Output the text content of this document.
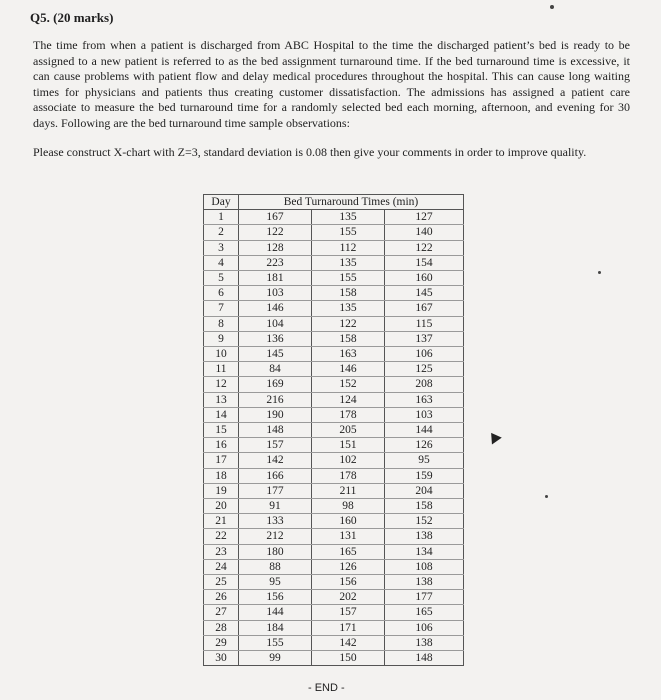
Q5. (20 marks)

The time from when a patient is discharged from ABC Hospital to the time the discharged patient’s bed is ready to be assigned to a new patient is referred to as the bed assignment turnaround time. If the bed turnaround time is excessive, it can cause problems with patient flow and delay medical procedures throughout the hospital. This can cause long waiting times for physicians and patients thus creating customer dissatisfaction. The admissions has assigned a patient care associate to measure the bed turnaround time for a randomly selected bed each morning, afternoon, and evening for 30 days. Following are the bed turnaround time sample observations:

Please construct X-chart with Z=3, standard deviation is 0.08 then give your comments in order to improve quality.

Day	Bed Turnaround Times (min)		
1	167	135	127
2	122	155	140
3	128	112	122
4	223	135	154
5	181	155	160
6	103	158	145
7	146	135	167
8	104	122	115
9	136	158	137
10	145	163	106
11	84	146	125
12	169	152	208
13	216	124	163
14	190	178	103
15	148	205	144
16	157	151	126
17	142	102	95
18	166	178	159
19	177	211	204
20	91	98	158
21	133	160	152
22	212	131	138
23	180	165	134
24	88	126	108
25	95	156	138
26	156	202	177
27	144	157	165
28	184	171	106
29	155	142	138
30	99	150	148
- END -
